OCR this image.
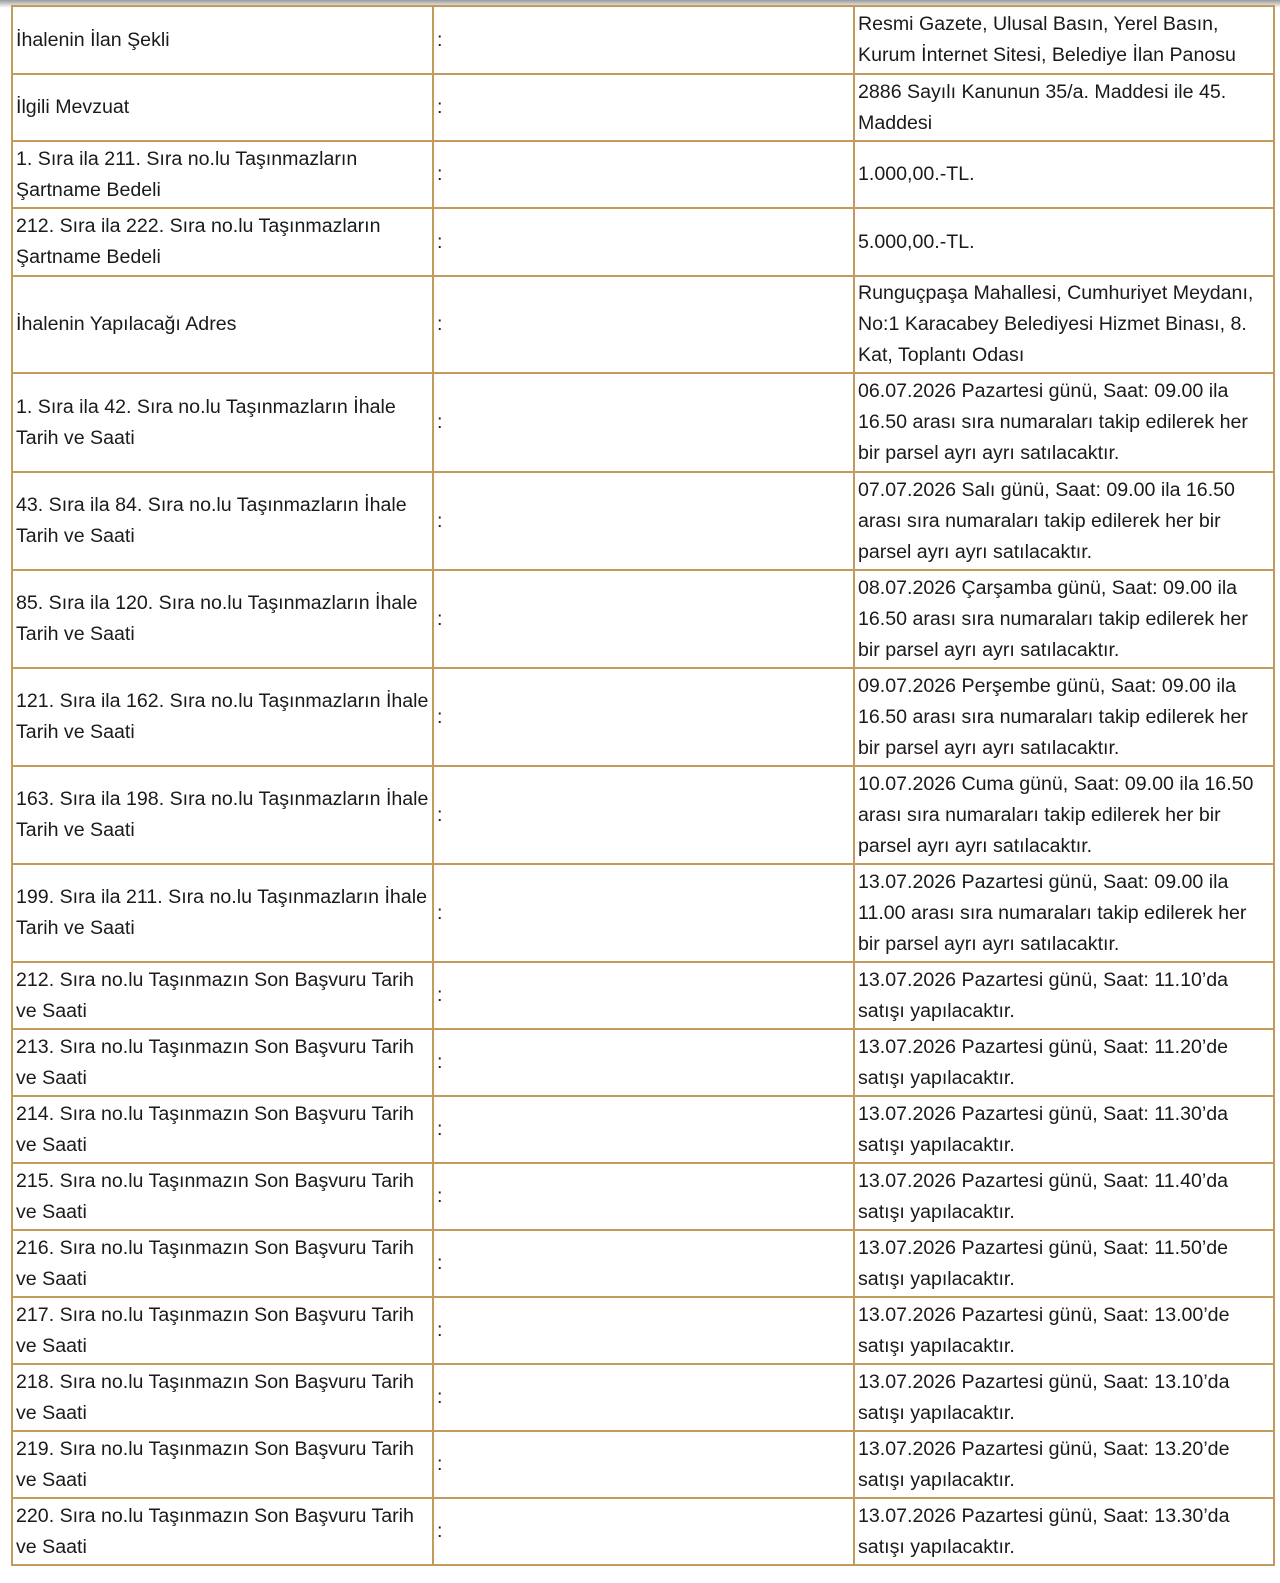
İhalenin İlan Şekli	:	Resmi Gazete, Ulusal Basın, Yerel Basın, Kurum İnternet Sitesi, Belediye İlan Panosu
İlgili Mevzuat	:	2886 Sayılı Kanunun 35/a. Maddesi ile 45. Maddesi
1. Sıra ila 211. Sıra no.lu Taşınmazların Şartname Bedeli	:	1.000,00.-TL.
212. Sıra ila 222. Sıra no.lu Taşınmazların Şartname Bedeli	:	5.000,00.-TL.
İhalenin Yapılacağı Adres	:	Runguçpaşa Mahallesi, Cumhuriyet Meydanı, No:1 Karacabey Belediyesi Hizmet Binası, 8. Kat, Toplantı Odası
1. Sıra ila 42. Sıra no.lu Taşınmazların İhale Tarih ve Saati	:	06.07.2026 Pazartesi günü, Saat: 09.00 ila 16.50 arası sıra numaraları takip edilerek her bir parsel ayrı ayrı satılacaktır.
43. Sıra ila 84. Sıra no.lu Taşınmazların İhale Tarih ve Saati	:	07.07.2026 Salı günü, Saat: 09.00 ila 16.50 arası sıra numaraları takip edilerek her bir parsel ayrı ayrı satılacaktır.
85. Sıra ila 120. Sıra no.lu Taşınmazların İhale Tarih ve Saati	:	08.07.2026 Çarşamba günü, Saat: 09.00 ila 16.50 arası sıra numaraları takip edilerek her bir parsel ayrı ayrı satılacaktır.
121. Sıra ila 162. Sıra no.lu Taşınmazların İhale Tarih ve Saati	:	09.07.2026 Perşembe günü, Saat: 09.00 ila 16.50 arası sıra numaraları takip edilerek her bir parsel ayrı ayrı satılacaktır.
163. Sıra ila 198. Sıra no.lu Taşınmazların İhale Tarih ve Saati	:	10.07.2026 Cuma günü, Saat: 09.00 ila 16.50 arası sıra numaraları takip edilerek her bir parsel ayrı ayrı satılacaktır.
199. Sıra ila 211. Sıra no.lu Taşınmazların İhale Tarih ve Saati	:	13.07.2026 Pazartesi günü, Saat: 09.00 ila 11.00 arası sıra numaraları takip edilerek her bir parsel ayrı ayrı satılacaktır.
212. Sıra no.lu Taşınmazın Son Başvuru Tarih ve Saati	:	13.07.2026 Pazartesi günü, Saat: 11.10’da satışı yapılacaktır.
213. Sıra no.lu Taşınmazın Son Başvuru Tarih ve Saati	:	13.07.2026 Pazartesi günü, Saat: 11.20’de satışı yapılacaktır.
214. Sıra no.lu Taşınmazın Son Başvuru Tarih ve Saati	:	13.07.2026 Pazartesi günü, Saat: 11.30’da satışı yapılacaktır.
215. Sıra no.lu Taşınmazın Son Başvuru Tarih ve Saati	:	13.07.2026 Pazartesi günü, Saat: 11.40’da satışı yapılacaktır.
216. Sıra no.lu Taşınmazın Son Başvuru Tarih ve Saati	:	13.07.2026 Pazartesi günü, Saat: 11.50’de satışı yapılacaktır.
217. Sıra no.lu Taşınmazın Son Başvuru Tarih ve Saati	:	13.07.2026 Pazartesi günü, Saat: 13.00’de satışı yapılacaktır.
218. Sıra no.lu Taşınmazın Son Başvuru Tarih ve Saati	:	13.07.2026 Pazartesi günü, Saat: 13.10’da satışı yapılacaktır.
219. Sıra no.lu Taşınmazın Son Başvuru Tarih ve Saati	:	13.07.2026 Pazartesi günü, Saat: 13.20’de satışı yapılacaktır.
220. Sıra no.lu Taşınmazın Son Başvuru Tarih ve Saati	:	13.07.2026 Pazartesi günü, Saat: 13.30’da satışı yapılacaktır.
